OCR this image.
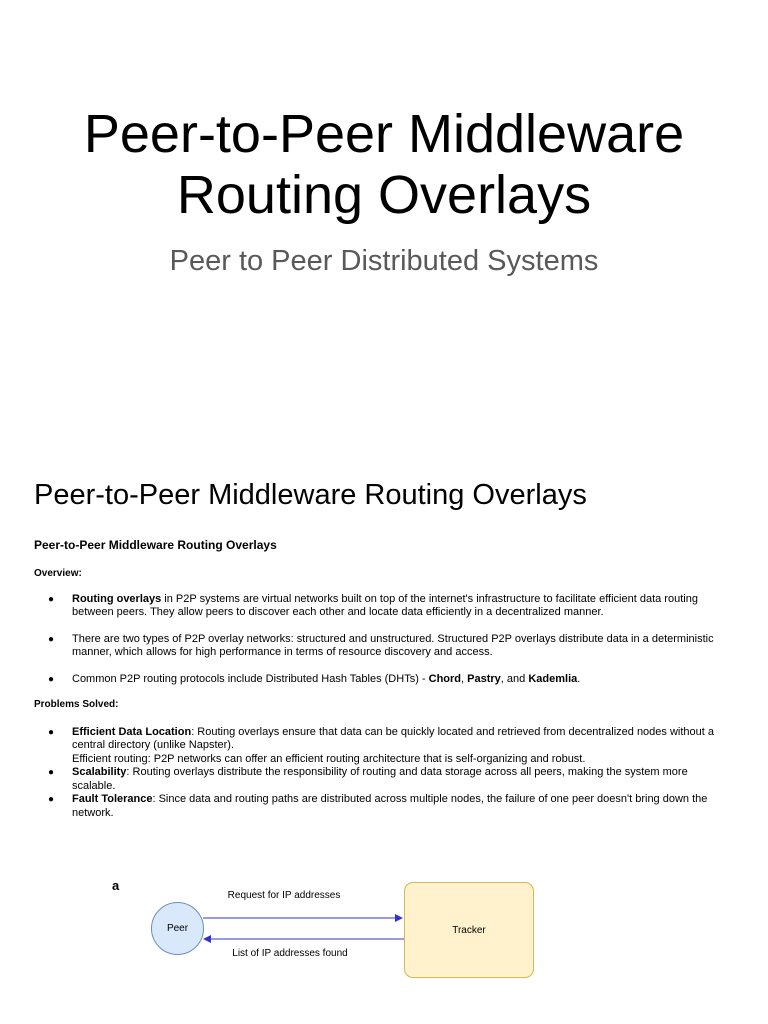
Peer-to-Peer Middleware
Routing Overlays

Peer to Peer Distributed Systems

Peer-to-Peer Middleware Routing Overlays

Peer-to-Peer Middleware Routing Overlays

Overview:

● Routing overlays in P2P systems are virtual networks built on top of the internet's infrastructure to facilitate efficient data routing between peers. They allow peers to discover each other and locate data efficiently in a decentralized manner.
● There are two types of P2P overlay networks: structured and unstructured. Structured P2P overlays distribute data in a deterministic manner, which allows for high performance in terms of resource discovery and access.
● Common P2P routing protocols include Distributed Hash Tables (DHTs) - Chord, Pastry, and Kademlia.

Problems Solved:

● Efficient Data Location: Routing overlays ensure that data can be quickly located and retrieved from decentralized nodes without a central directory (unlike Napster).
Efficient routing: P2P networks can offer an efficient routing architecture that is self-organizing and robust.
● Scalability: Routing overlays distribute the responsibility of routing and data storage across all peers, making the system more scalable.
● Fault Tolerance: Since data and routing paths are distributed across multiple nodes, the failure of one peer doesn't bring down the network.
a
Peer	Tracker
Request for IP addresses
List of IP addresses found
